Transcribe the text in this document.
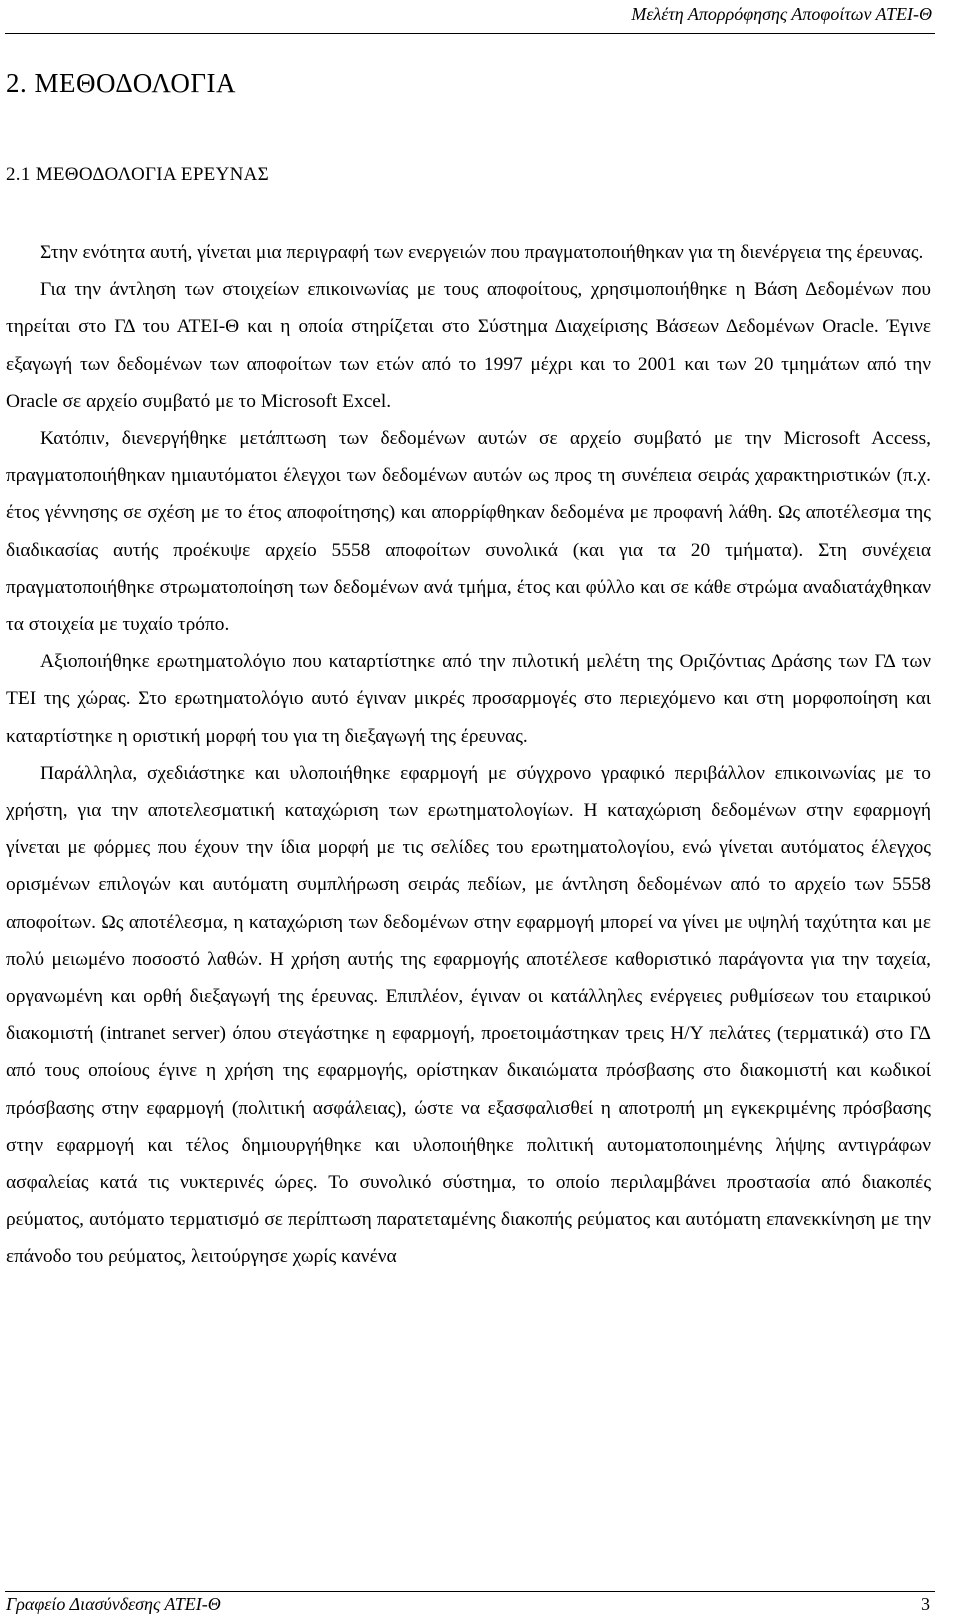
Μελέτη Απορρόφησης Αποφοίτων ΑΤΕΙ-Θ
2. ΜΕΘΟΔΟΛΟΓΙΑ
2.1 ΜΕΘΟΔΟΛΟΓΙΑ ΕΡΕΥΝΑΣ

Στην ενότητα αυτή, γίνεται μια περιγραφή των ενεργειών που πραγματοποιήθηκαν για τη διενέργεια της έρευνας.

Για την άντληση των στοιχείων επικοινωνίας με τους αποφοίτους, χρησιμοποιήθηκε η Βάση Δεδομένων που τηρείται στο ΓΔ του ΑΤΕΙ-Θ και η οποία στηρίζεται στο Σύστημα Διαχείρισης Βάσεων Δεδομένων Oracle. Έγινε εξαγωγή των δεδομένων των αποφοίτων των ετών από το 1997 μέχρι και το 2001 και των 20 τμημάτων από την Oracle σε αρχείο συμβατό με το Microsoft Excel.

Κατόπιν, διενεργήθηκε μετάπτωση των δεδομένων αυτών σε αρχείο συμβατό με την Microsoft Access, πραγματοποιήθηκαν ημιαυτόματοι έλεγχοι των δεδομένων αυτών ως προς τη συνέπεια σειράς χαρακτηριστικών (π.χ. έτος γέννησης σε σχέση με το έτος αποφοίτησης) και απορρίφθηκαν δεδομένα με προφανή λάθη. Ως αποτέλεσμα της διαδικασίας αυτής προέκυψε αρχείο 5558 αποφοίτων συνολικά (και για τα 20 τμήματα). Στη συνέχεια πραγματοποιήθηκε στρωματοποίηση των δεδομένων ανά τμήμα, έτος και φύλλο και σε κάθε στρώμα αναδιατάχθηκαν τα στοιχεία με τυχαίο τρόπο.

Αξιοποιήθηκε ερωτηματολόγιο που καταρτίστηκε από την πιλοτική μελέτη της Οριζόντιας Δράσης των ΓΔ των ΤΕΙ της χώρας. Στο ερωτηματολόγιο αυτό έγιναν μικρές προσαρμογές στο περιεχόμενο και στη μορφοποίηση και καταρτίστηκε η οριστική μορφή του για τη διεξαγωγή της έρευνας.

Παράλληλα, σχεδιάστηκε και υλοποιήθηκε εφαρμογή με σύγχρονο γραφικό περιβάλλον επικοινωνίας με το χρήστη, για την αποτελεσματική καταχώριση των ερωτηματολογίων. Η καταχώριση δεδομένων στην εφαρμογή γίνεται με φόρμες που έχουν την ίδια μορφή με τις σελίδες του ερωτηματολογίου, ενώ γίνεται αυτόματος έλεγχος ορισμένων επιλογών και αυτόματη συμπλήρωση σειράς πεδίων, με άντληση δεδομένων από το αρχείο των 5558 αποφοίτων. Ως αποτέλεσμα, η καταχώριση των δεδομένων στην εφαρμογή μπορεί να γίνει με υψηλή ταχύτητα και με πολύ μειωμένο ποσοστό λαθών. Η χρήση αυτής της εφαρμογής αποτέλεσε καθοριστικό παράγοντα για την ταχεία, οργανωμένη και ορθή διεξαγωγή της έρευνας. Επιπλέον, έγιναν οι κατάλληλες ενέργειες ρυθμίσεων του εταιρικού διακομιστή (intranet server) όπου στεγάστηκε η εφαρμογή, προετοιμάστηκαν τρεις Η/Υ πελάτες (τερματικά) στο ΓΔ από τους οποίους έγινε η χρήση της εφαρμογής, ορίστηκαν δικαιώματα πρόσβασης στο διακομιστή και κωδικοί πρόσβασης στην εφαρμογή (πολιτική ασφάλειας), ώστε να εξασφαλισθεί η αποτροπή μη εγκεκριμένης πρόσβασης στην εφαρμογή και τέλος δημιουργήθηκε και υλοποιήθηκε πολιτική αυτοματοποιημένης λήψης αντιγράφων ασφαλείας κατά τις νυκτερινές ώρες. Το συνολικό σύστημα, το οποίο περιλαμβάνει προστασία από διακοπές ρεύματος, αυτόματο τερματισμό σε περίπτωση παρατεταμένης διακοπής ρεύματος και αυτόματη επανεκκίνηση με την επάνοδο του ρεύματος, λειτούργησε χωρίς κανένα

Γραφείο Διασύνδεσης ΑΤΕΙ-Θ	3
